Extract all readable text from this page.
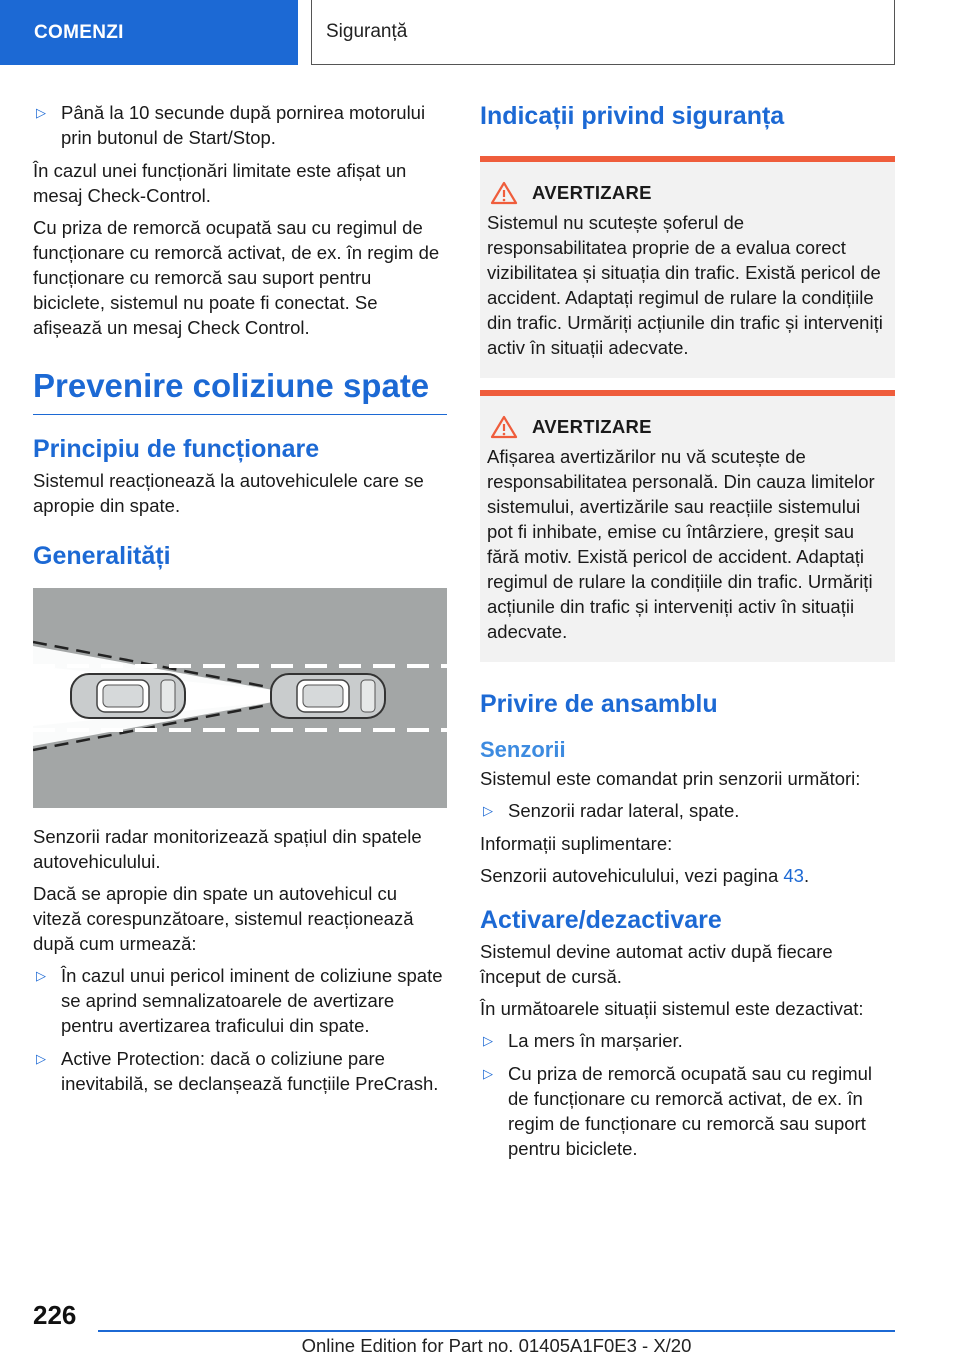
COMENZI	Siguranță
▷ Până la 10 secunde după pornirea motorului prin butonul de Start/Stop.

În cazul unei funcționări limitate este afișat un mesaj Check-Control.

Cu priza de remorcă ocupată sau cu regimul de funcționare cu remorcă activat, de ex. în regim de funcționare cu remorcă sau suport pentru biciclete, sistemul nu poate fi conectat. Se afișează un mesaj Check Control.

Prevenire coliziune spate
Principiu de funcționare

Sistemul reacționează la autovehiculele care se apropie din spate.

Generalități

Senzorii radar monitorizează spațiul din spatele autovehiculului.

Dacă se apropie din spate un autovehicul cu viteză corespunzătoare, sistemul reacționează după cum urmează:

▷ În cazul unui pericol iminent de coliziune spate se aprind semnalizatoarele de avertizare pentru avertizarea traficului din spate.
▷ Active Protection: dacă o coliziune pare inevitabilă, se declanșează funcțiile PreCrash.
Indicații privind siguranța
AVERTIZARE

Sistemul nu scutește șoferul de responsabilitatea proprie de a evalua corect vizibilitatea și situația din trafic. Există pericol de accident. Adaptați regimul de rulare la condițiile din trafic. Urmăriți acțiunile din trafic și interveniți activ în situații adecvate.

AVERTIZARE

Afișarea avertizărilor nu vă scutește de responsabilitatea personală. Din cauza limitelor sistemului, avertizările sau reacțiile sistemului pot fi inhibate, emise cu întârziere, greșit sau fără motiv. Există pericol de accident. Adaptați regimul de rulare la condițiile din trafic. Urmăriți acțiunile din trafic și interveniți activ în situații adecvate.

Privire de ansamblu
Senzorii

Sistemul este comandat prin senzorii următori:

▷ Senzorii radar lateral, spate.

Informații suplimentare:

Senzorii autovehiculului, vezi pagina 43.

Activare/dezactivare

Sistemul devine automat activ după fiecare început de cursă.

În următoarele situații sistemul este dezactivat:

▷ La mers în marșarier.
▷ Cu priza de remorcă ocupată sau cu regimul de funcționare cu remorcă activat, de ex. în regim de funcționare cu remorcă sau suport pentru biciclete.
226
Online Edition for Part no. 01405A1F0E3 - X/20
